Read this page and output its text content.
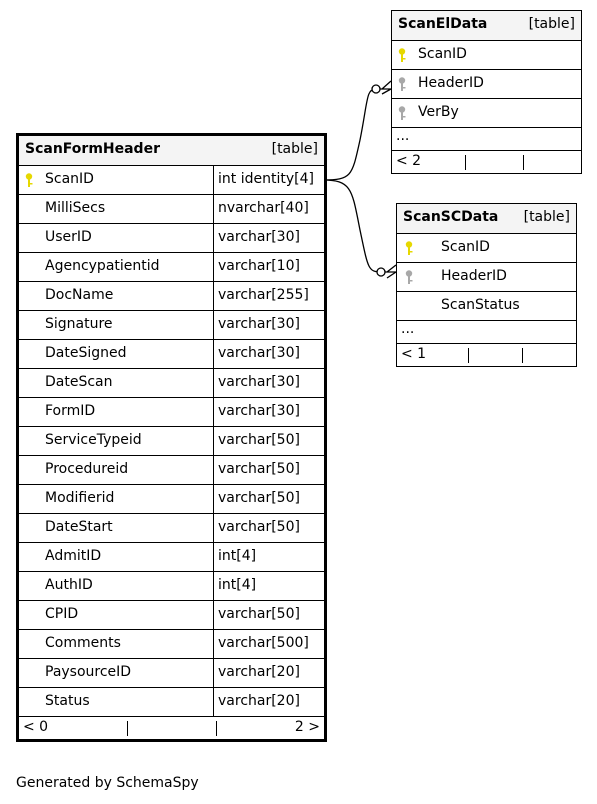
ScanFormHeader	[table]
ScanID	int identity[4]
MilliSecs	nvarchar[40]
UserID	varchar[30]
Agencypatientid	varchar[10]
DocName	varchar[255]
Signature	varchar[30]
DateSigned	varchar[30]
DateScan	varchar[30]
FormID	varchar[30]
ServiceTypeid	varchar[50]
Procedureid	varchar[50]
Modifierid	varchar[50]
DateStart	varchar[50]
AdmitID	int[4]
AuthID	int[4]
CPID	varchar[50]
Comments	varchar[500]
PaysourceID	varchar[20]
Status	varchar[20]
< 0	2 >
ScanElData	[table]
ScanID
HeaderID
VerBy
...
< 2
ScanSCData [table]
ScanID
HeaderID
ScanStatus
...
< 1
Generated by SchemaSpy
